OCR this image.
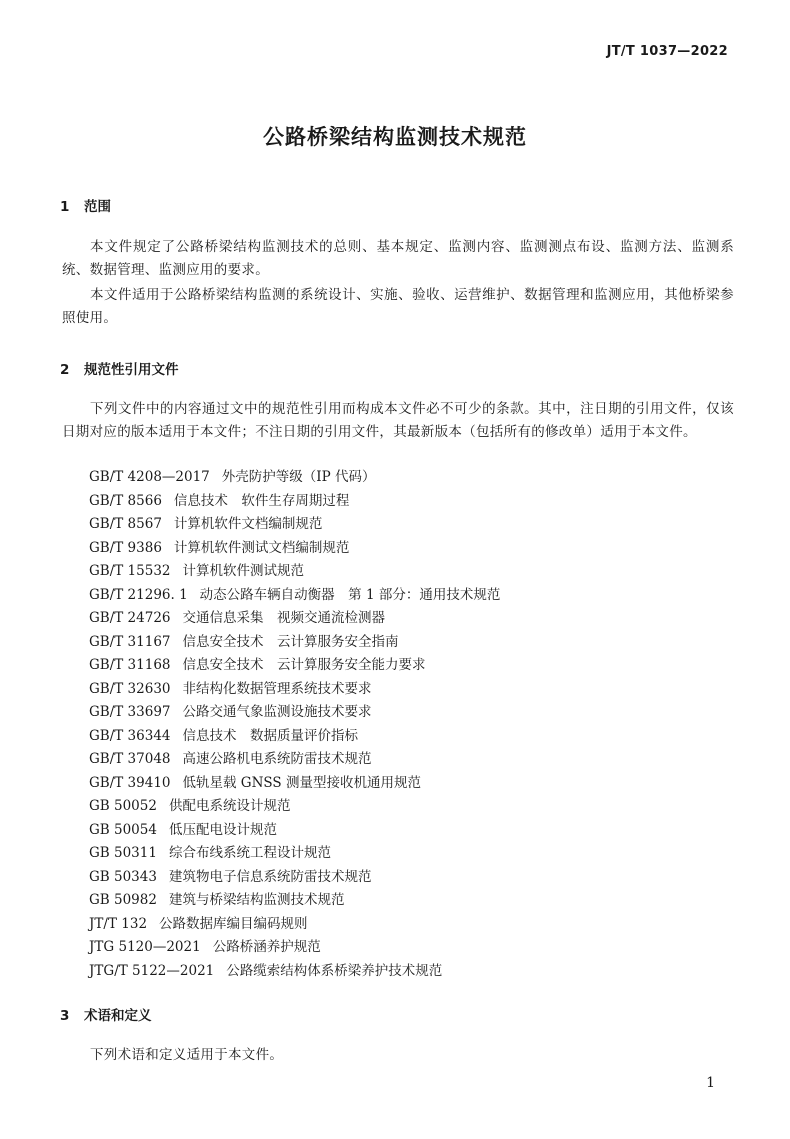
JT/T 1037—2022
公路桥梁结构监测技术规范
1 范围
本文件规定了公路桥梁结构监测技术的总则、基本规定、监测内容、监测测点布设、监测方法、监测系统、数据管理、监测应用的要求。
本文件适用于公路桥梁结构监测的系统设计、实施、验收、运营维护、数据管理和监测应用，其他桥梁参照使用。
2 规范性引用文件
下列文件中的内容通过文中的规范性引用而构成本文件必不可少的条款。其中，注日期的引用文件，仅该日期对应的版本适用于本文件；不注日期的引用文件，其最新版本（包括所有的修改单）适用于本文件。
GB/T 4208—2017 外壳防护等级（IP 代码）
GB/T 8566 信息技术　软件生存周期过程
GB/T 8567 计算机软件文档编制规范
GB/T 9386 计算机软件测试文档编制规范
GB/T 15532 计算机软件测试规范
GB/T 21296. 1 动态公路车辆自动衡器　第 1 部分：通用技术规范
GB/T 24726 交通信息采集　视频交通流检测器
GB/T 31167 信息安全技术　云计算服务安全指南
GB/T 31168 信息安全技术　云计算服务安全能力要求
GB/T 32630 非结构化数据管理系统技术要求
GB/T 33697 公路交通气象监测设施技术要求
GB/T 36344 信息技术　数据质量评价指标
GB/T 37048 高速公路机电系统防雷技术规范
GB/T 39410 低轨星载 GNSS 测量型接收机通用规范
GB 50052 供配电系统设计规范
GB 50054 低压配电设计规范
GB 50311 综合布线系统工程设计规范
GB 50343 建筑物电子信息系统防雷技术规范
GB 50982 建筑与桥梁结构监测技术规范
JT/T 132 公路数据库编目编码规则
JTG 5120—2021 公路桥涵养护规范
JTG/T 5122—2021 公路缆索结构体系桥梁养护技术规范
3 术语和定义
下列术语和定义适用于本文件。
1
